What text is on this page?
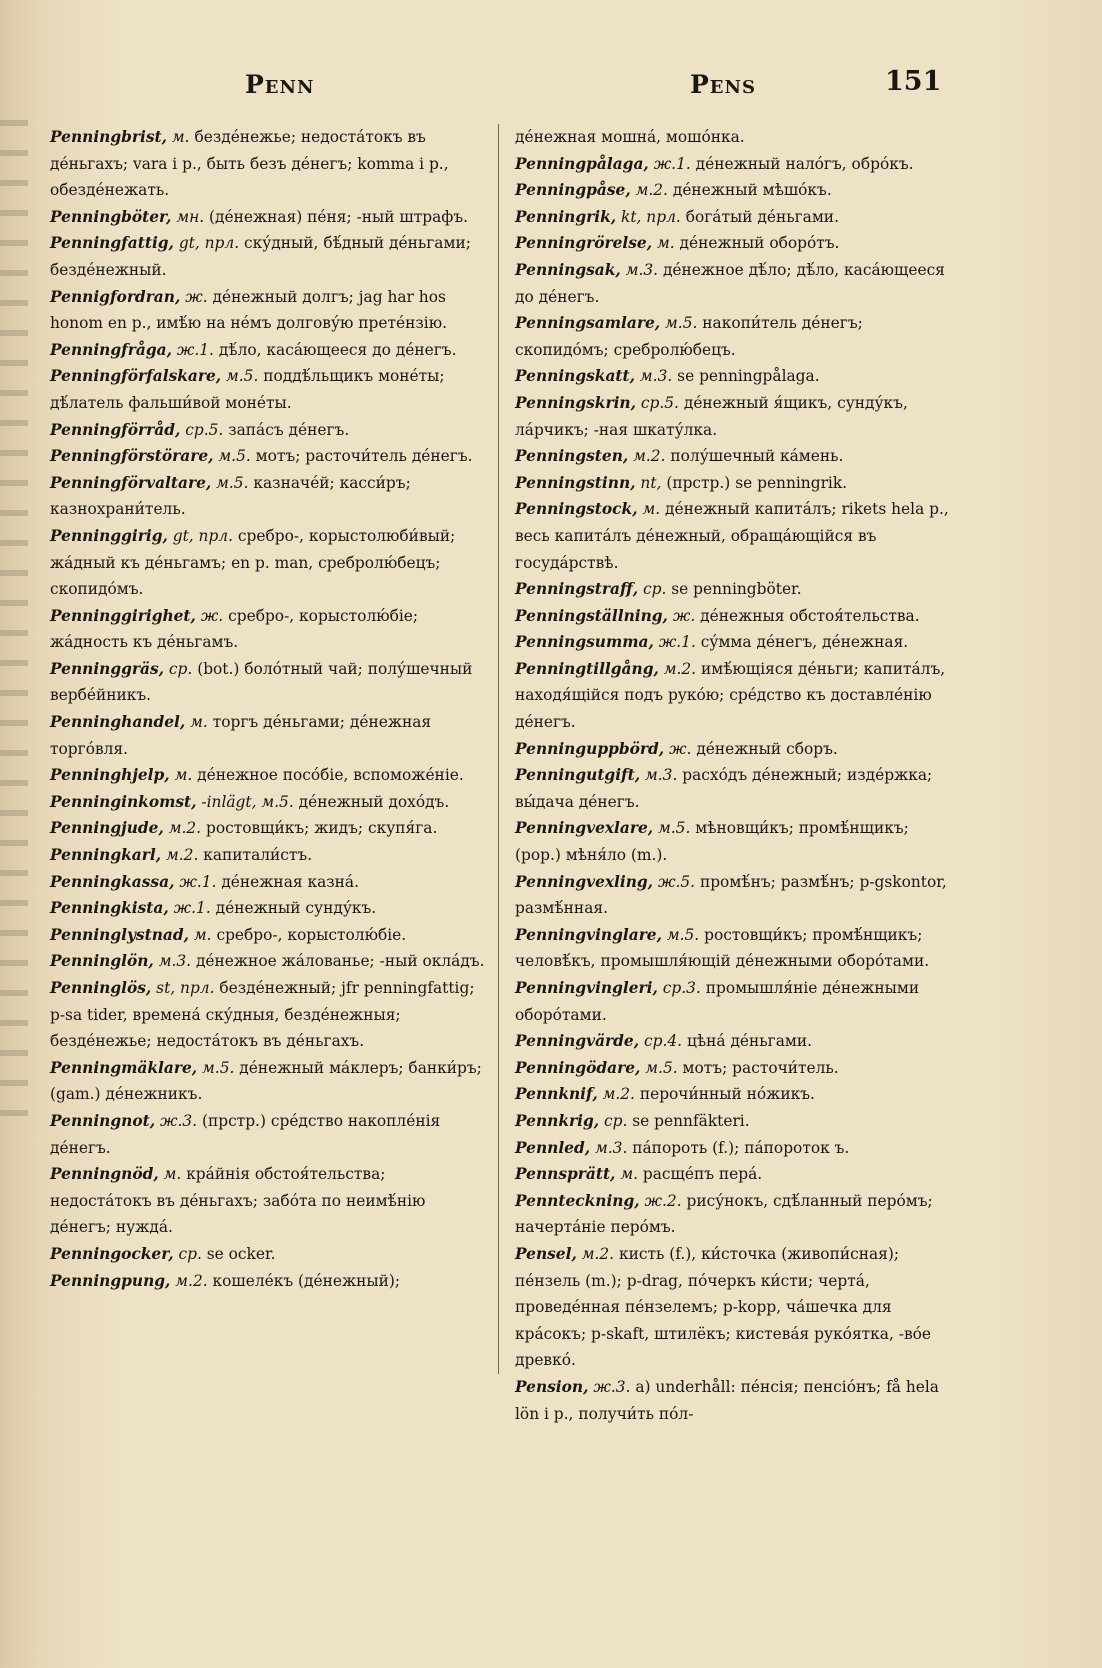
Penn	Pens	151

Penningbrist, м. безде́нежье; недоста́токъ въ де́ньгахъ; vara i p., быть безъ де́негъ; komma i p., обезде́нежать.

Penningböter, мн. (де́нежная) пе́ня; -ный штрафъ.

Penningfattig, gt, прл. ску́дный, бѣ́дный де́ньгами; безде́нежный.

Pennigfordran, ж. де́нежный долгъ; jag har hos honom en p., имѣ́ю на не́мъ долгову́ю прете́нзію.

Penningfråga, ж.1. дѣ́ло, каса́ющееся до де́негъ.

Penningförfalskare, м.5. поддѣ́льщикъ моне́ты; дѣ́латель фальши́вой моне́ты.

Penningförråd, ср.5. запа́съ де́негъ.

Penningförstörare, м.5. мотъ; расточи́тель де́негъ.

Penningförvaltare, м.5. казначе́й; касси́ръ; казнохрани́тель.

Penninggirig, gt, прл. сребро-, корыстолюби́вый; жа́дный къ де́ньгамъ; en p. man, сребролю́бецъ; скопидо́мъ.

Penninggirighet, ж. сребро-, корыстолю́біе; жа́дность къ де́ньгамъ.

Penninggräs, ср. (bot.) боло́тный чай; полу́шечный вербе́йникъ.

Penninghandel, м. торгъ де́ньгами; де́нежная торго́вля.

Penninghjelp, м. де́нежное посо́біе, вспоможе́ніе.

Penninginkomst, -inlägt, м.5. де́нежный дохо́дъ.

Penningjude, м.2. ростовщи́къ; жидъ; скупя́га.

Penningkarl, м.2. капитали́стъ.

Penningkassa, ж.1. де́нежная казна́.

Penningkista, ж.1. де́нежный сунду́къ.

Penninglystnad, м. сребро-, корыстолю́біе.

Penninglön, м.3. де́нежное жа́лованье; -ный окла́дъ.

Penninglös, st, прл. безде́нежный; jfr penningfattig; p-sa tider, времена́ ску́дныя, безде́нежныя; безде́нежье; недоста́токъ въ де́ньгахъ.

Penningmäklare, м.5. де́нежный ма́клеръ; банки́ръ; (gam.) де́нежникъ.

Penningnot, ж.3. (пpстр.) сре́дство накопле́нія де́негъ.

Penningnöd, м. кра́йнія обстоя́тельства; недоста́токъ въ де́ньгахъ; забо́та по неимѣ́нію де́негъ; нужда́.

Penningocker, ср. se ocker.

Penningpung, м.2. кошеле́къ (де́нежный);

де́нежная мошна́, мошо́нка.

Penningpålaga, ж.1. де́нежный нало́гъ, обро́къ.

Penningpåse, м.2. де́нежный мѣшо́къ.

Penningrik, kt, прл. бога́тый де́ньгами.

Penningrörelse, м. де́нежный оборо́тъ.

Penningsak, м.3. де́нежное дѣ́ло; дѣ́ло, каса́ющееся до де́негъ.

Penningsamlare, м.5. накопи́тель де́негъ; скопидо́мъ; сребролю́бецъ.

Penningskatt, м.3. se penningpålaga.

Penningskrin, ср.5. де́нежный я́щикъ, сунду́къ, ла́рчикъ; -ная шкату́лка.

Penningsten, м.2. полу́шечный ка́мень.

Penningstinn, nt, (пpстр.) se penningrik.

Penningstock, м. де́нежный капита́лъ; rikets hela p., весь капита́лъ де́нежный, обраща́ющійся въ госуда́рствѣ.

Penningstraff, ср. se penningböter.

Penningställning, ж. де́нежныя обстоя́тельства.

Penningsumma, ж.1. су́мма де́негъ, де́нежная.

Penningtillgång, м.2. имѣ́ющіяся де́ньги; капита́лъ, находя́щійся подъ руко́ю; сре́дство къ доставле́нію де́негъ.

Penninguppbörd, ж. де́нежный сборъ.

Penningutgift, м.3. расхо́дъ де́нежный; изде́ржка; вы́дача де́негъ.

Penningvexlare, м.5. мѣновщи́къ; промѣ́нщикъ; (pop.) мѣня́ло (m.).

Penningvexling, ж.5. промѣ́нъ; размѣ́нъ; p-gskontor, размѣ́нная.

Penningvinglare, м.5. ростовщи́къ; промѣ́нщикъ; человѣ́къ, промышля́ющій де́нежными оборо́тами.

Penningvingleri, ср.3. промышля́ніе де́нежными оборо́тами.

Penningvärde, ср.4. цѣна́ де́ньгами.

Penningödare, м.5. мотъ; расточи́тель.

Pennknif, м.2. перочи́нный но́жикъ.

Pennkrig, ср. se pennfäkteri.

Pennled, м.3. па́пороть (f.); па́пороток ъ.

Pennsprätt, м. расще́пъ пера́.

Pennteckning, ж.2. рису́нокъ, сдѣ́ланный перо́мъ; начерта́ніе перо́мъ.

Pensel, м.2. кисть (f.), ки́сточка (живопи́сная); пе́нзель (m.); p-drag, по́черкъ ки́сти; черта́, проведе́нная пе́нзелемъ; p-kopp, ча́шечка для кра́сокъ; p-skaft, штилёкъ; кистева́я руко́ятка, -во́е древко́.

Pension, ж.3. a) underhåll: пе́нсія; пенсіо́нъ; få hela lön i p., получи́ть по́л-
